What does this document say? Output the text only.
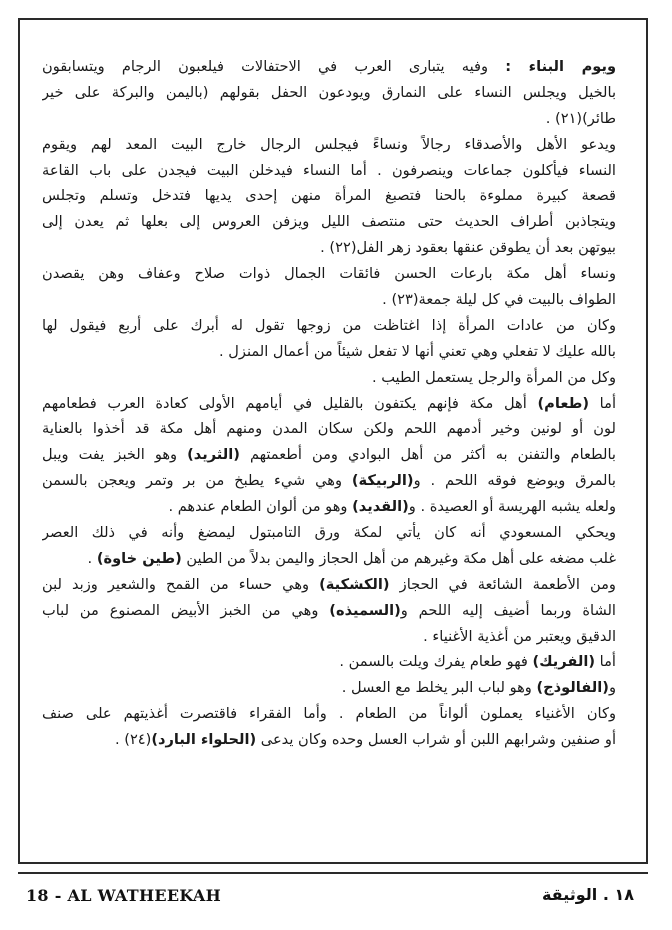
ويوم البناء : وفيه يتبارى العرب في الاحتفالات فيلعبون الرجام ويتسابقون
بالخيل ويجلس النساء على النمارق ويودعون الحفل بقولهم (باليمن والبركة على خير
طائر)(٢١) .
ويدعو الأهل والأصدقاء رجالاً ونساءً فيجلس الرجال خارج البيت المعد لهم ويقوم
النساء فيأكلون جماعات وينصرفون . أما النساء فيدخلن البيت فيجدن على باب القاعة
قصعة كبيرة مملوءة بالحنا فتصبغ المرأة منهن إحدى يديها فتدخل وتسلم وتجلس
ويتجاذبن أطراف الحديث حتى منتصف الليل ويزفن العروس إلى بعلها ثم يعدن إلى
بيوتهن بعد أن يطوقن عنقها بعقود زهر الفل(٢٢) .
ونساء أهل مكة بارعات الحسن فائقات الجمال ذوات صلاح وعفاف وهن يقصدن
الطواف بالبيت في كل ليلة جمعة(٢٣) .
وكان من عادات المرأة إذا اغتاظت من زوجها تقول له أبرك على أربع فيقول لها
بالله عليك لا تفعلي وهي تعني أنها لا تفعل شيئاً من أعمال المنزل .
وكل من المرأة والرجل يستعمل الطيب .
أما (طعام) أهل مكة فإنهم يكتفون بالقليل في أيامهم الأولى كعادة العرب فطعامهم
لون أو لونين وخير أدمهم اللحم ولكن سكان المدن ومنهم أهل مكة قد أخذوا بالعناية
بالطعام والتفنن به أكثر من أهل البوادي ومن أطعمتهم (الثريد) وهو الخبز يفت ويبل
بالمرق ويوضع فوقه اللحم . و(الربيكة) وهي شيء يطبخ من بر وتمر ويعجن بالسمن
ولعله يشبه الهريسة أو العصيدة . و(القديد) وهو من ألوان الطعام عندهم .
ويحكي المسعودي أنه كان يأتي لمكة ورق التامبتول ليمضغ وأنه في ذلك العصر
غلب مضغه على أهل مكة وغيرهم من أهل الحجاز واليمن بدلاً من الطين (طين خاوة) .
ومن الأطعمة الشائعة في الحجاز (الكشكية) وهي حساء من القمح والشعير وزبد لبن
الشاة وربما أضيف إليه اللحم و(السميذه) وهي من الخبز الأبيض المصنوع من لباب
الدقيق ويعتبر من أغذية الأغنياء .
أما (الفريك) فهو طعام يفرك ويلت بالسمن .
و(الفالوذج) وهو لباب البر يخلط مع العسل .
وكان الأغنياء يعملون ألواناً من الطعام . وأما الفقراء فاقتصرت أغذيتهم على صنف
أو صنفين وشرابهم اللبن أو شراب العسل وحده وكان يدعى (الحلواء البارد)(٢٤) .
18 - AL WATHEEKAH	١٨ . الوثيقة
